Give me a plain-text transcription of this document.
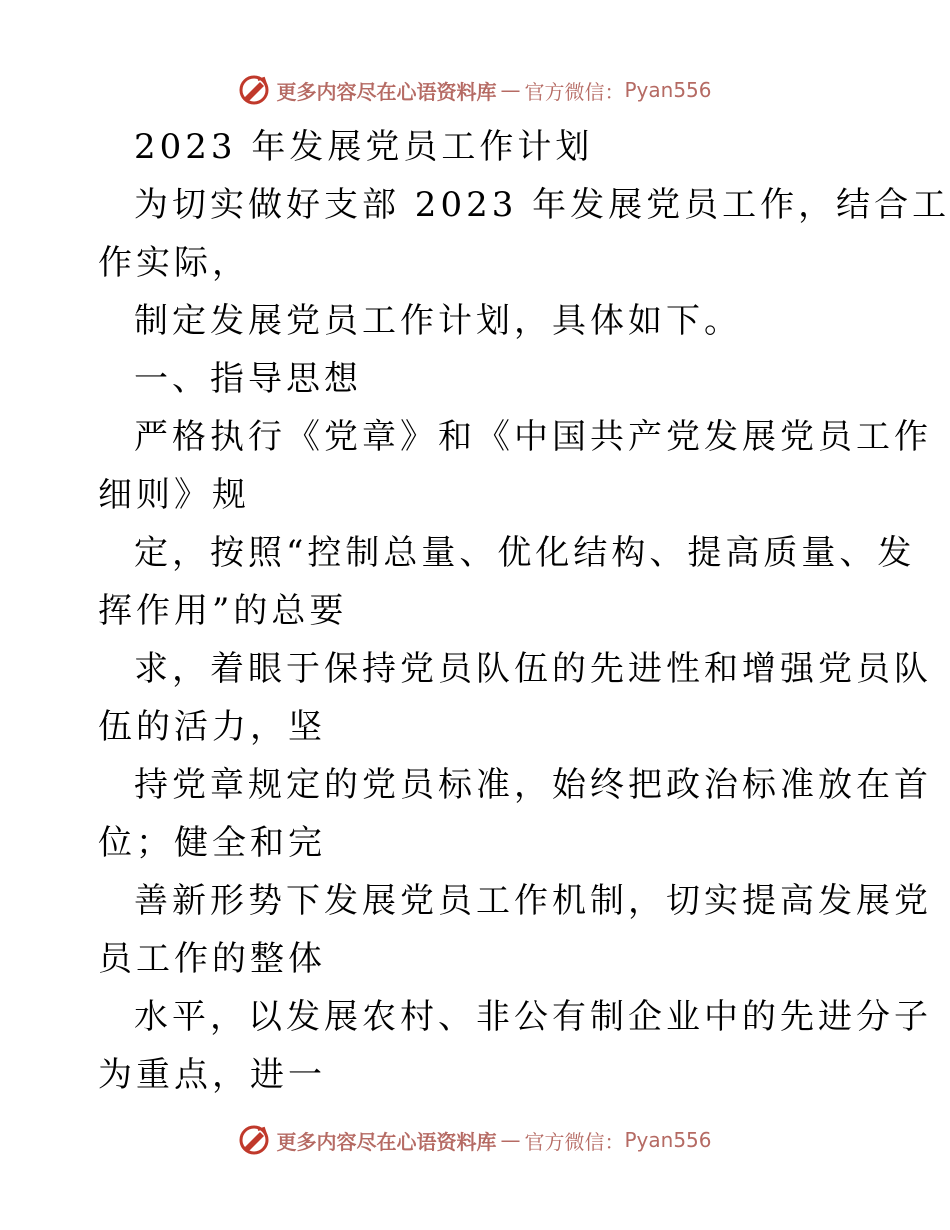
更多内容尽在心语资料库 — 官方微信： Pyan556
2023 年发展党员工作计划
为切实做好支部 2023 年发展党员工作，结合工
作实际，
制定发展党员工作计划，具体如下。
一、指导思想
严格执行《党章》和《中国共产党发展党员工作
细则》规
定，按照“控制总量、优化结构、提高质量、发
挥作用”的总要
求，着眼于保持党员队伍的先进性和增强党员队
伍的活力，坚
持党章规定的党员标准，始终把政治标准放在首
位；健全和完
善新形势下发展党员工作机制，切实提高发展党
员工作的整体
水平，以发展农村、非公有制企业中的先进分子
为重点，进一
更多内容尽在心语资料库 — 官方微信： Pyan556
